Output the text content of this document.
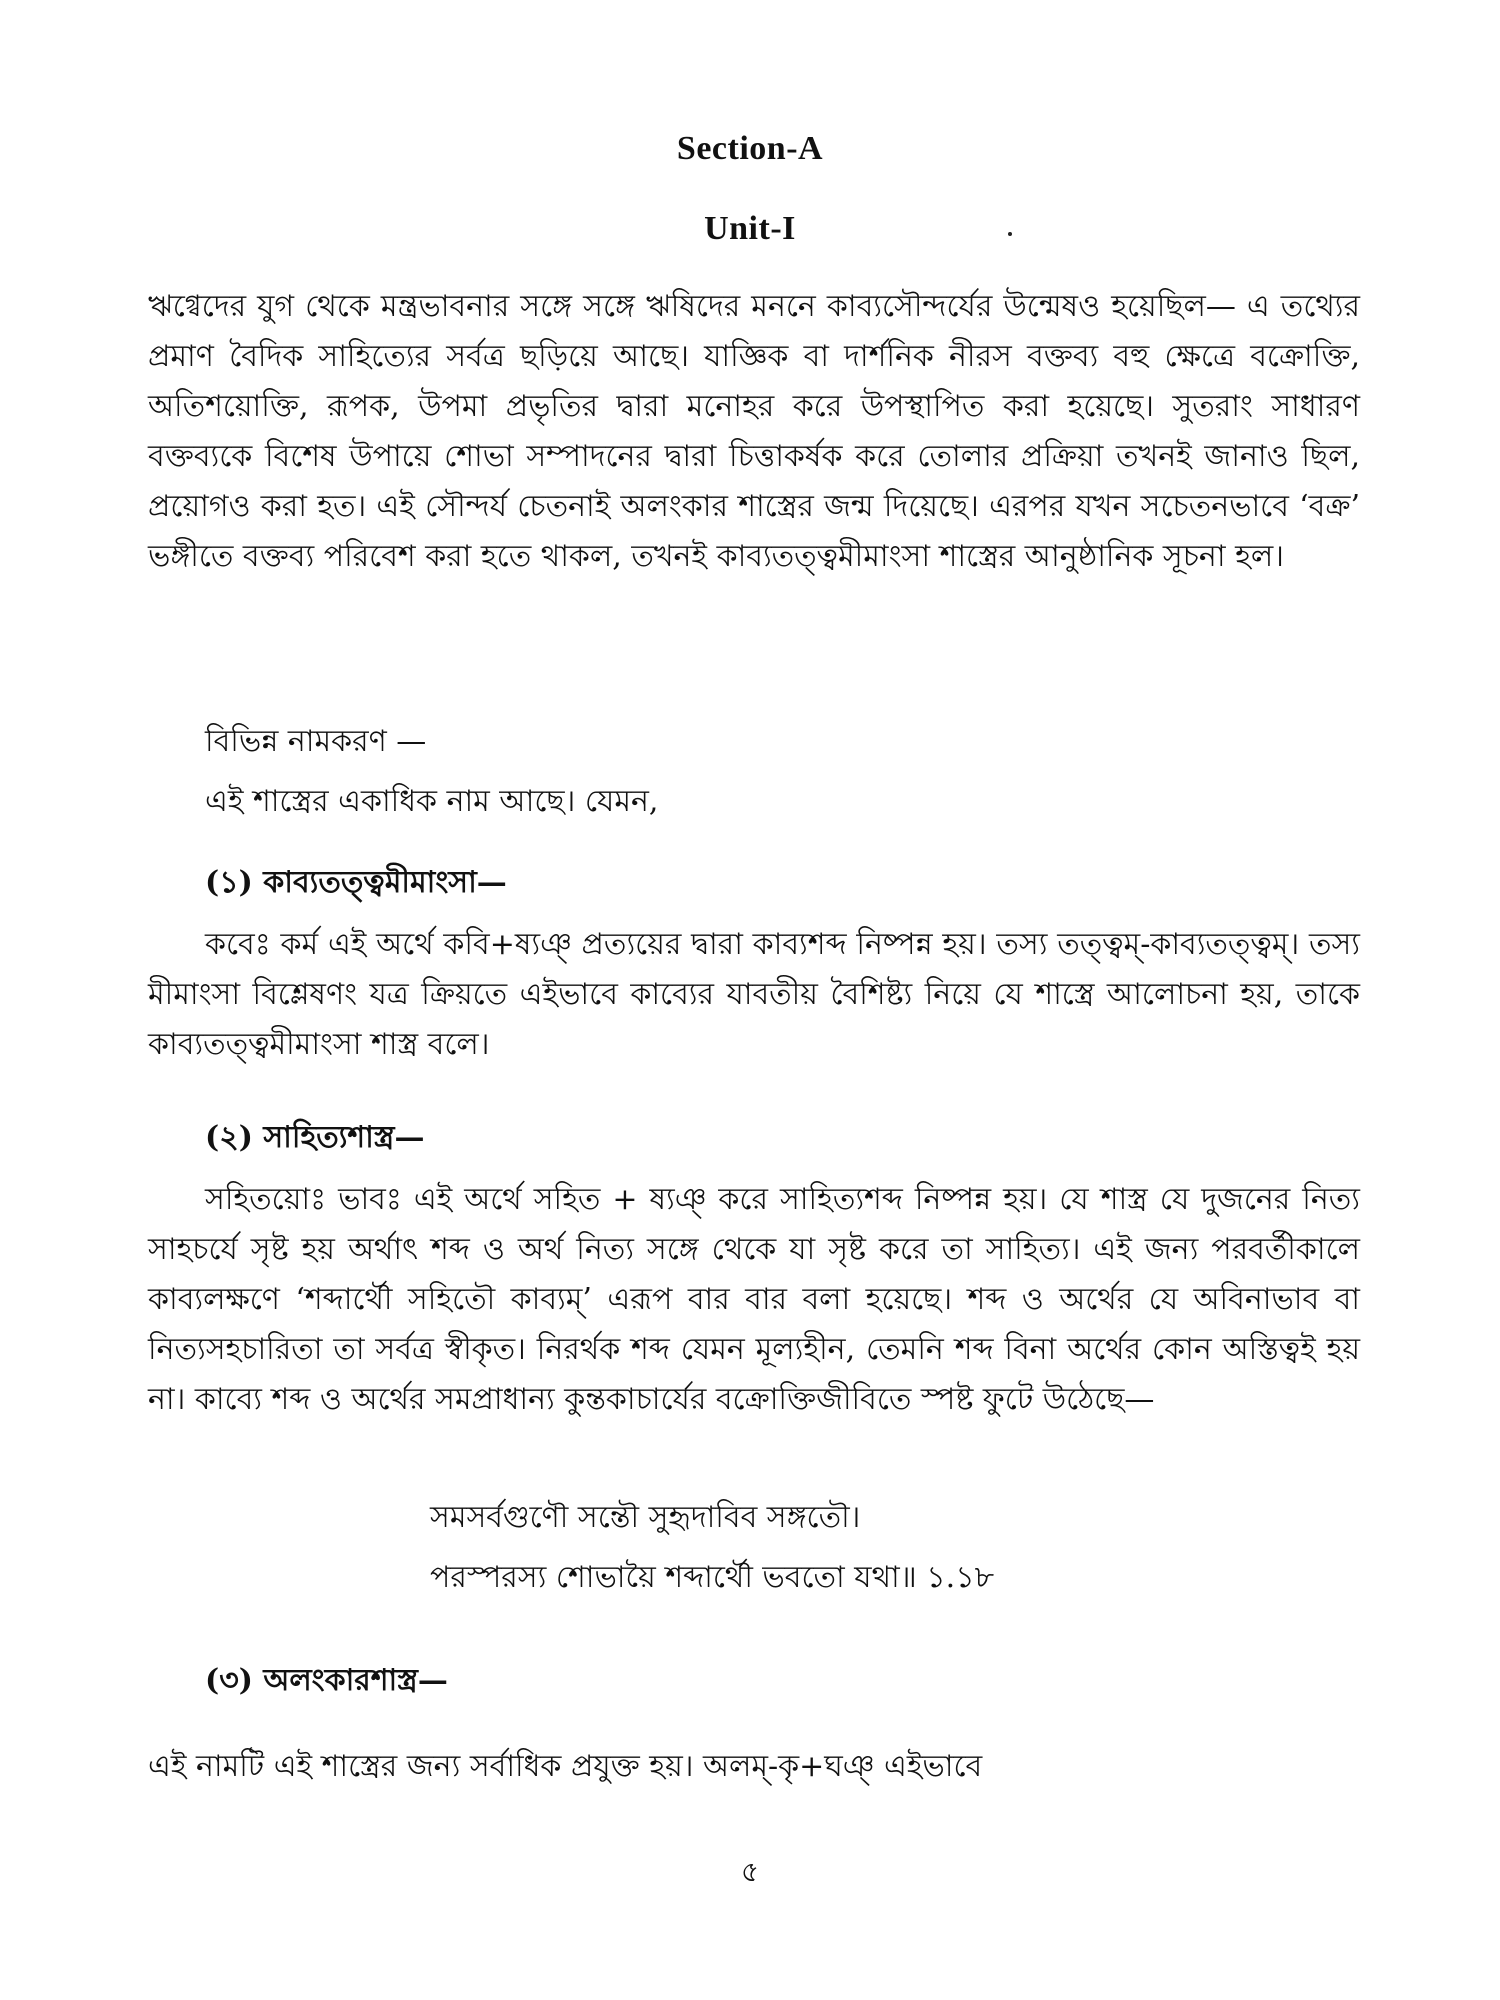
Section-A
Unit-I
ঋগ্বেদের যুগ থেকে মন্ত্রভাবনার সঙ্গে সঙ্গে ঋষিদের মননে কাব্যসৌন্দর্যের উন্মেষও হয়েছিল— এ তথ্যের প্রমাণ বৈদিক সাহিত্যের সর্বত্র ছড়িয়ে আছে। যাজ্ঞিক বা দার্শনিক নীরস বক্তব্য বহু ক্ষেত্রে বক্রোক্তি, অতিশয়োক্তি, রূপক, উপমা প্রভৃতির দ্বারা মনোহর করে উপস্থাপিত করা হয়েছে। সুতরাং সাধারণ বক্তব্যকে বিশেষ উপায়ে শোভা সম্পাদনের দ্বারা চিত্তাকর্ষক করে তোলার প্রক্রিয়া তখনই জানাও ছিল, প্রয়োগও করা হত। এই সৌন্দর্য চেতনাই অলংকার শাস্ত্রের জন্ম দিয়েছে। এরপর যখন সচেতনভাবে ‘বক্র’ ভঙ্গীতে বক্তব্য পরিবেশ করা হতে থাকল, তখনই কাব্যতত্ত্বমীমাংসা শাস্ত্রের আনুষ্ঠানিক সূচনা হল।
বিভিন্ন নামকরণ —
এই শাস্ত্রের একাধিক নাম আছে। যেমন,
(১) কাব্যতত্ত্বমীমাংসা—
কবেঃ কর্ম এই অর্থে কবি+ষ্যঞ্ প্রত্যয়ের দ্বারা কাব্যশব্দ নিষ্পন্ন হয়। তস্য তত্ত্বম্-কাব্যতত্ত্বম্। তস্য মীমাংসা বিশ্লেষণং যত্র ক্রিয়তে এইভাবে কাব্যের যাবতীয় বৈশিষ্ট্য নিয়ে যে শাস্ত্রে আলোচনা হয়, তাকে কাব্যতত্ত্বমীমাংসা শাস্ত্র বলে।
(২) সাহিত্যশাস্ত্র—
সহিতয়োঃ ভাবঃ এই অর্থে সহিত + ষ্যঞ্ করে সাহিত্যশব্দ নিষ্পন্ন হয়। যে শাস্ত্র যে দুজনের নিত্য সাহচর্যে সৃষ্ট হয় অর্থাৎ শব্দ ও অর্থ নিত্য সঙ্গে থেকে যা সৃষ্ট করে তা সাহিত্য। এই জন্য পরবর্তীকালে কাব্যলক্ষণে ‘শব্দার্থৌ সহিতৌ কাব্যম্’ এরূপ বার বার বলা হয়েছে। শব্দ ও অর্থের যে অবিনাভাব বা নিত্যসহচারিতা তা সর্বত্র স্বীকৃত। নিরর্থক শব্দ যেমন মূল্যহীন, তেমনি শব্দ বিনা অর্থের কোন অস্তিত্বই হয় না। কাব্যে শব্দ ও অর্থের সমপ্রাধান্য কুন্তকাচার্যের বক্রোক্তিজীবিতে স্পষ্ট ফুটে উঠেছে—
সমসর্বগুণৌ সন্তৌ সুহৃদাবিব সঙ্গতৌ।
পরস্পরস্য শোভায়ৈ শব্দার্থৌ ভবতো যথা॥ ১.১৮
(৩) অলংকারশাস্ত্র—
এই নামটি এই শাস্ত্রের জন্য সর্বাধিক প্রযুক্ত হয়। অলম্-কৃ+ঘঞ্ এইভাবে
৫
